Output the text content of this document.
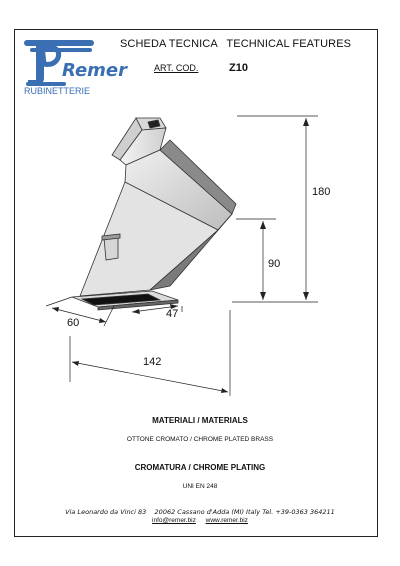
Remer
RUBINETTERIE
SCHEDA TECNICA   TECHNICAL FEATURES
ART. COD.	Z10
180
90
60
47
142
MATERIALI / MATERIALS
OTTONE CROMATO / CHROME PLATED BRASS
CROMATURA / CHROME PLATING
UNI EN 248
Via Leonardo da Vinci 83    20062 Cassano d'Adda (MI) Italy Tel. +39-0363 364211
info@remer.biz www.remer.biz
